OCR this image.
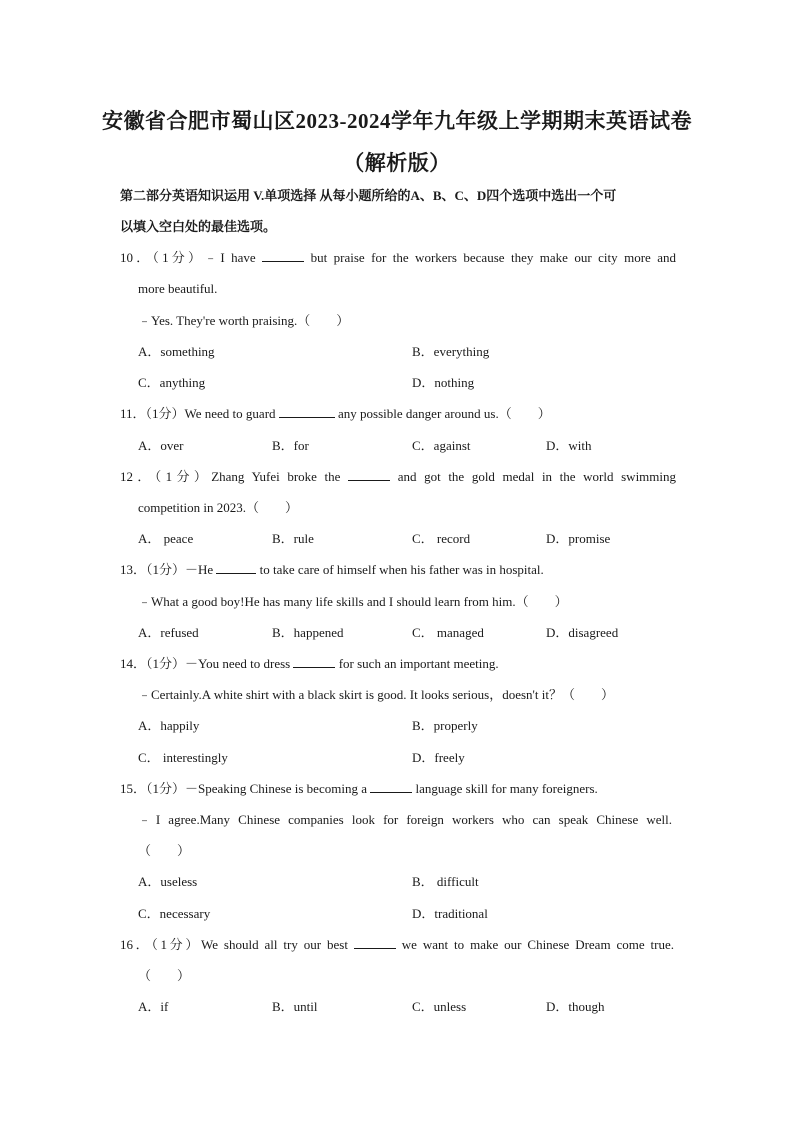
安徽省合肥市蜀山区2023-2024学年九年级上学期期末英语试卷
（解析版）
第二部分英语知识运用 V.单项选择 从每小题所给的A、B、C、D四个选项中选出一个可
以填入空白处的最佳选项。
10．（1分）﹣I have	but praise for the workers because they make our city more and
more beautiful.
﹣Yes. They're worth praising.（　　）
A．something	B．everything
C．anything	D．nothing
11．（1分）We need to guard	any possible danger around us.（　　）
A．over	B．for	C．against	D．with
12．（1分）Zhang Yufei broke the	and got the gold medal in the world swimming
competition in 2023.（　　）
A． peace	B．rule	C． record	D．promise
13．（1分）－He	to take care of himself when his father was in hospital.
﹣What a good boy!He has many life skills and I should learn from him.（　　）
A．refused	B．happened	C． managed	D．disagreed
14．（1分）－You need to dress	for such an important meeting.
﹣Certainly.A white shirt with a black skirt is good. It looks serious，doesn't it？（　　）
A．happily	B．properly
C． interestingly	D．freely
15．（1分）－Speaking Chinese is becoming a	language skill for many foreigners.
﹣I agree.Many Chinese companies look for foreign workers who can speak Chinese well.
（　　）
A．useless	B． difficult
C．necessary	D．traditional
16．（1分）We should all try our best	we want to make our Chinese Dream come true.
（　　）
A．if	B．until	C．unless	D．though
